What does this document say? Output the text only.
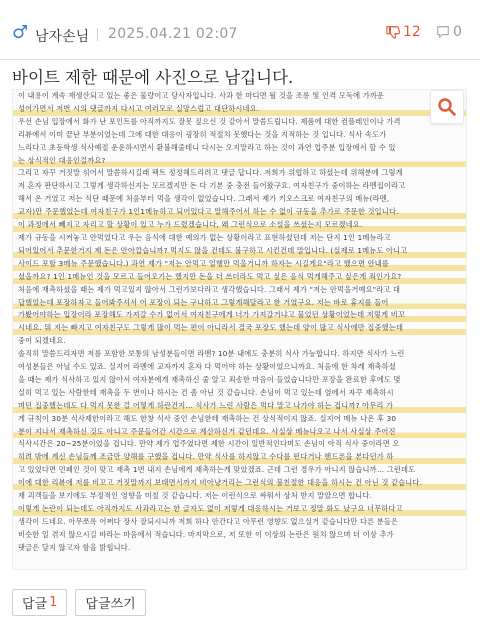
♂ 남자손님 2025.04.21 02:07	12 0
바이트 제한 때문에 사진으로 남깁니다.
이 내용이 계속 재생산되고 있는 좋은 물량이고 당사자입니다. 사과 한 마디면 될 것을 조롱 및 인격 모독에 가까운
성어가면서 저번 시의 댓글까지 다시고 여러모로 실망스럽고 대단하시네요.
우선 손님 입장에서 화가 난 포인트를 아직까지도 잘못 짚으신 것 같아서 말씀드립니다. 제품에 대한 컴플레인이나 가격
리뷰에서 이미 끝난 부분이었는데 그에 대한 대응이 굉장히 적절치 못했다는 것을 지적하는 것 입니다. 식사 속도가
느리다고 초등학생 식사예절 운운하시면서 환불해줄테니 다시는 오지말라고 하는 것이 과연 업주분 입장에서 할 수 있
는 상식적인 대응인걸까요?
그리고 자꾸 거짓말 섞어서 말씀하시길래 팩트 정정해드리려고 댓글 답니다. 저희가 위협하고 하셨는데 위해분에 그렇게
저 혼자 판단하시고 그렇게 생각하신지는 모르겠지만 돈 다 기본 중 충전 들어왔구요. 여자친구가 중이하는 라멘집이라고
해서 온 거였고 저는 식단 때문에 처음부터 먹을 생각이 없었습니다. 그래서 제가 키오스크로 여자친구의 메뉴(라멘,
교자)만 주문했었는데 여자친구가 1인1메뉴하고 되어있다고 말해주어서 하는 수 없이 규동을 추가로 주문한 것입니다.
이 과정에서 빼지고 자리고 할 상황이 있고 누가 드렸겠습니다, 왜 그런식으로 소설을 쓰셨는지 모르겠네요.
제가 규동을 시켜놓고 안먹었다고 우는 음식에 대한 예의가 없는 상황이라고 표현하셨던데 저는 단지 1인 1메뉴라고
되어있어서 추문한거지 제 돈은 안아깝습니까? 먹지도 않을 건데도 불구하고 시킨건데 말입니다. (실제로 1메뉴도 아니고
사이드 포함 3메뉴 주문했습니다.) 과연 제가 "저는 안먹고 일행만 먹을거니까 하자는 시길게요"라고 했으면 안내를
셨을까요? 1인 1메뉴인 것을 모르고 들어오기는 했지만 돈을 더 쓰더라도 먹고 싶은 음식 먹게해주고 싶은게 죄인가요?
처음에 재촉하셨을 때는 제가 먹고있지 않아서 그런가보다라고 생각했습니다. 그래서 제가 "저는 안먹을거예요"라고 대
답했었는데 포장하자고 들어봐주셔서 어 포장이 되는 구나하고 그렇게해달라고 한 거였구요. 저는 바로 휴지를 들어
가봤어야하는 입장이라 포장해도 가져갈 수가 없어서 여자친구에게 너가 가져갈거냐고 물었던 상황이었는데 저렇게 비꼬
시네요. 뭐 저는 빠지고 여자친구도 그렇게 많이 먹는 편이 아니라서 결국 포장도 했는데 양이 많고 식사에만 집중했는데
중이 되겠네요.
솔직히 말씀드리자면 저를 포함한 보통의 남성분들이면 라멘? 10분 내에도 충분히 식사 가능합니다. 하지만 식사가 느린
여성분들은 아닐 수도 있죠. 실지어 라멘에 교자까지 혼자 다 먹어야 하는 상황이었으니까요. 처음에 한 차례 재촉하셨
을 때는 제가 식사하고 있지 않아서 여자분에게 재촉하신 줄 알고 죄송한 마음이 들었습니다만 포장을 완료한 후에도 몇
실히 먹고 있는 사람한테 재촉을 두 번이나 하시는 건 좀 아닌 것 같습니다. 손님이 먹고 있는데 옆에서 자꾸 재촉하시
며던 집중했는데도 다 먹지 못한 걸 어떻게 하란건지... 식사가 느린 사람은 먹다 말고 나가야 하는 겁니까? 아무리 가
게 규칙이 30분 식사제한이라고 해도 한창 식사 중인 손님한테 재촉하는 건 상식적이지 않죠. 실지어 메뉴 나온 후 30
분이 지나서 재촉하신 것도 아니고 주문들어간 시간으로 계산하신거 같던데요. 사실상 메뉴나오고 나서 사실상 주어진
식사시간은 20~25분이었을 겁니다. 만약 제가 업주였다면 제한 시간이 일반적인다며도 손님이 아직 식사 중이라면 오
히려 밖에 계신 손님들께 조금만 양해를 구했을 겁니다. 만약 식사를 하지않고 수다를 떤다거나 핸드폰을 본다던가 하
고 있었다면 민폐인 것이 맞고 재촉 1번 내지 손님에게 재촉하는게 맞았겠죠. 근데 그런 경우가 아니지 않습니까... 그런데도
이에 대한 리뷰에 저를 비꼬고 거짓말까지 보태면서까지 비아냥거리는 그런식의 불친절한 대응을 하시는 건 아닌 것 같습니다.
재 괴객들을 보기에도 부정적인 영향을 미칠 것 같습니다. 저는 이런식으로 싸워서 상처 받지 말았으면 합니다.
이렇게 논란이 되는데도 아직까지도 사과라고는 한 글자도 없이 저렇게 대응하시는 거보고 정말 화도 났구요 너무하다고
생각이 드네요. 아무쪼록 어쩌다 장사 잘되시니까 저희 하나 안간다고 아무런 영향도 없으실거 같습니다만 다른 분들은
비슷한 일 겪지 않으시길 바라는 마음에서 적습니다. 마지막으로, 저 또한 이 이상의 논란은 원치 않으며 더 이상 추가
댓글은 달지 않고자 함을 밝힙니다.
답글 1	답글쓰기
